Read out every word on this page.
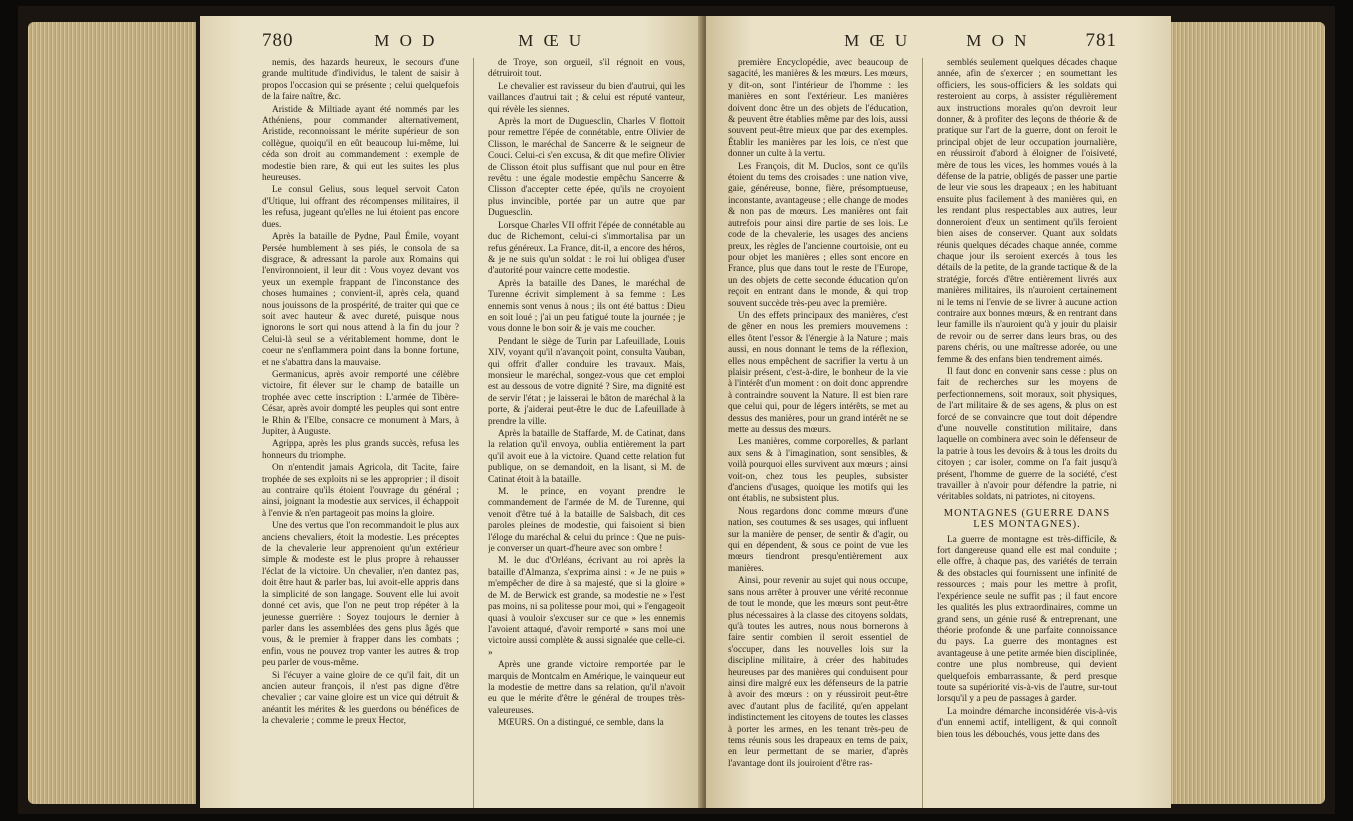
780	M O D	M Œ U

nemis, des hazards heureux, le secours d'une grande multitude d'individus, le talent de saisir à propos l'occasion qui se présente ; celui quelquefois de la faire naître, &c.

Aristide & Miltiade ayant été nommés par les Athéniens, pour commander alternativement, Aristide, reconnoissant le mérite supérieur de son collègue, quoiqu'il en eût beaucoup lui-même, lui céda son droit au commandement : exemple de modestie bien rare, & qui eut les suites les plus heureuses.

Le consul Gelius, sous lequel servoit Caton d'Utique, lui offrant des récompenses militaires, il les refusa, jugeant qu'elles ne lui étoient pas encore dues.

Après la bataille de Pydne, Paul Émile, voyant Persée humblement à ses piés, le consola de sa disgrace, & adressant la parole aux Romains qui l'environnoient, il leur dit : Vous voyez devant vos yeux un exemple frappant de l'inconstance des choses humaines ; convient-il, après cela, quand nous jouissons de la prospérité, de traiter qui que ce soit avec hauteur & avec dureté, puisque nous ignorons le sort qui nous attend à la fin du jour ? Celui-là seul se a véritablement homme, dont le coeur ne s'enflammera point dans la bonne fortune, et ne s'abattra dans la mauvaise.

Germanicus, après avoir remporté une célèbre victoire, fit élever sur le champ de bataille un trophée avec cette inscription : L'armée de Tibère-César, après avoir dompté les peuples qui sont entre le Rhin & l'Elbe, consacre ce monument à Mars, à Jupiter, à Auguste.

Agrippa, après les plus grands succès, refusa les honneurs du triomphe.

On n'entendit jamais Agricola, dit Tacite, faire trophée de ses exploits ni se les approprier ; il disoit au contraire qu'ils étoient l'ouvrage du général ; ainsi, joignant la modestie aux services, il échappoit à l'envie & n'en partageoit pas moins la gloire.

Une des vertus que l'on recommandoit le plus aux anciens chevaliers, étoit la modestie. Les préceptes de la chevalerie leur apprenoient qu'un extérieur simple & modeste est le plus propre à rehausser l'éclat de la victoire. Un chevalier, n'en dantez pas, doit être haut & parler bas, lui avoit-elle appris dans la simplicité de son langage. Souvent elle lui avoit donné cet avis, que l'on ne peut trop répéter à la jeunesse guerrière : Soyez toujours le dernier à parler dans les assemblées des gens plus âgés que vous, & le premier à frapper dans les combats ; enfin, vous ne pouvez trop vanter les autres & trop peu parler de vous-même.

Si l'écuyer a vaine gloire de ce qu'il fait, dit un ancien auteur françois, il n'est pas digne d'être chevalier ; car vaine gloire est un vice qui détruit & anéantit les mérites & les guerdons ou bénéfices de la chevalerie ; comme le preux Hector,

de Troye, son orgueil, s'il régnoit en vous, détruiroit tout.

Le chevalier est ravisseur du bien d'autrui, qui les vaillances d'autrui tait ; & celui est réputé vanteur, qui révèle les siennes.

Après la mort de Duguesclin, Charles V flottoit pour remettre l'épée de connétable, entre Olivier de Clisson, le maréchal de Sancerre & le seigneur de Couci. Celui-ci s'en excusa, & dit que mefire Olivier de Clisson étoit plus suffisant que nul pour en être revêtu : une égale modestie empêchu Sancerre & Clisson d'accepter cette épée, qu'ils ne croyoient plus invincible, portée par un autre que par Duguesclin.

Lorsque Charles VII offrit l'épée de connétable au duc de Richemont, celui-ci s'immortalisa par un refus généreux. La France, dit-il, a encore des héros, & je ne suis qu'un soldat : le roi lui obligea d'user d'autorité pour vaincre cette modestie.

Après la bataille des Danes, le maréchal de Turenne écrivit simplement à sa femme : Les ennemis sont venus à nous ; ils ont été battus : Dieu en soit loué ; j'ai un peu fatigué toute la journée ; je vous donne le bon soir & je vais me coucher.

Pendant le siège de Turin par Lafeuillade, Louis XIV, voyant qu'il n'avançoit point, consulta Vauban, qui offrit d'aller conduire les travaux. Mais, monsieur le maréchal, songez-vous que cet emploi est au dessous de votre dignité ? Sire, ma dignité est de servir l'état ; je laisserai le bâton de maréchal à la porte, & j'aiderai peut-être le duc de Lafeuillade à prendre la ville.

Après la bataille de Staffarde, M. de Catinat, dans la relation qu'il envoya, oublia entièrement la part qu'il avoit eue à la victoire. Quand cette relation fut publique, on se demandoit, en la lisant, si M. de Catinat étoit à la bataille.

M. le prince, en voyant prendre le commandement de l'armée de M. de Turenne, qui venoit d'être tué à la bataille de Salsbach, dit ces paroles pleines de modestie, qui faisoient si bien l'éloge du maréchal & celui du prince : Que ne puis-je converser un quart-d'heure avec son ombre !

M. le duc d'Orléans, écrivant au roi après la bataille d'Almanza, s'exprima ainsi : « Je ne puis » m'empêcher de dire à sa majesté, que si la gloire » de M. de Berwick est grande, sa modestie ne » l'est pas moins, ni sa politesse pour moi, qui » l'engageoit quasi à vouloir s'excuser sur ce que » les ennemis l'avoient attaqué, d'avoir remporté » sans moi une victoire aussi complète & aussi signalée que celle-ci. »

Après une grande victoire remportée par le marquis de Montcalm en Amérique, le vainqueur eut la modestie de mettre dans sa relation, qu'il n'avoit eu que le mérite d'être le général de troupes très-valeureuses.

MŒURS. On a distingué, ce semble, dans la

M Œ U	M O N	781

première Encyclopédie, avec beaucoup de sagacité, les manières & les mœurs. Les mœurs, y dit-on, sont l'intérieur de l'homme : les manières en sont l'extérieur. Les manières doivent donc être un des objets de l'éducation, & peuvent être établies même par des lois, aussi souvent peut-être mieux que par des exemples. Établir les manières par les lois, ce n'est que donner un culte à la vertu.

Les François, dit M. Duclos, sont ce qu'ils étoient du tems des croisades : une nation vive, gaie, généreuse, bonne, fière, présomptueuse, inconstante, avantageuse ; elle change de modes & non pas de mœurs. Les manières ont fait autrefois pour ainsi dire partie de ses lois. Le code de la chevalerie, les usages des anciens preux, les règles de l'ancienne courtoisie, ont eu pour objet les manières ; elles sont encore en France, plus que dans tout le reste de l'Europe, un des objets de cette seconde éducation qu'on reçoit en entrant dans le monde, & qui trop souvent succède très-peu avec la première.

Un des effets principaux des manières, c'est de gêner en nous les premiers mouvemens : elles ôtent l'essor & l'énergie à la Nature ; mais aussi, en nous donnant le tems de la réflexion, elles nous empêchent de sacrifier la vertu à un plaisir présent, c'est-à-dire, le bonheur de la vie à l'intérêt d'un moment : on doit donc apprendre à contraindre souvent la Nature. Il est bien rare que celui qui, pour de légers intérêts, se met au dessus des manières, pour un grand intérêt ne se mette au dessus des mœurs.

Les manières, comme corporelles, & parlant aux sens & à l'imagination, sont sensibles, & voilà pourquoi elles survivent aux mœurs ; ainsi voit-on, chez tous les peuples, subsister d'anciens d'usages, quoique les motifs qui les ont établis, ne subsistent plus.

Nous regardons donc comme mœurs d'une nation, ses coutumes & ses usages, qui influent sur la manière de penser, de sentir & d'agir, ou qui en dépendent, & sous ce point de vue les mœurs tiendront presqu'entièrement aux manières.

Ainsi, pour revenir au sujet qui nous occupe, sans nous arrêter à prouver une vérité reconnue de tout le monde, que les mœurs sont peut-être plus nécessaires à la classe des citoyens soldats, qu'à toutes les autres, nous nous bornerons à faire sentir combien il seroit essentiel de s'occuper, dans les nouvelles lois sur la discipline militaire, à créer des habitudes heureuses par des manières qui conduisent pour ainsi dire malgré eux les défenseurs de la patrie à avoir des mœurs : on y réussiroit peut-être avec d'autant plus de facilité, qu'en appelant indistinctement les citoyens de toutes les classes à porter les armes, en les tenant très-peu de tems réunis sous les drapeaux en tems de paix, en leur permettant de se marier, d'après l'avantage dont ils jouiroient d'être ras-

semblés seulement quelques décades chaque année, afin de s'exercer ; en soumettant les officiers, les sous-officiers & les soldats qui resteroient au corps, à assister régulièrement aux instructions morales qu'on devroit leur donner, & à profiter des leçons de théorie & de pratique sur l'art de la guerre, dont on feroit le principal objet de leur occupation journalière, en réussiroit d'abord à éloigner de l'oisiveté, mère de tous les vices, les hommes voués à la défense de la patrie, obligés de passer une partie de leur vie sous les drapeaux ; en les habituant ensuite plus facilement à des manières qui, en les rendant plus respectables aux autres, leur donneroient d'eux un sentiment qu'ils feroient bien aises de conserver. Quant aux soldats réunis quelques décades chaque année, comme chaque jour ils seroient exercés à tous les détails de la petite, de la grande tactique & de la stratégie, forcés d'être entièrement livrés aux manières militaires, ils n'auroient certainement ni le tems ni l'envie de se livrer à aucune action contraire aux bonnes mœurs, & en rentrant dans leur famille ils n'auroient qu'à y jouir du plaisir de revoir ou de serrer dans leurs bras, ou des parens chéris, ou une maîtresse adorée, ou une femme & des enfans bien tendrement aimés.

Il faut donc en convenir sans cesse : plus on fait de recherches sur les moyens de perfectionnemens, soit moraux, soit physiques, de l'art militaire & de ses agens, & plus on est forcé de se convaincre que tout doit dépendre d'une nouvelle constitution militaire, dans laquelle on combinera avec soin le défenseur de la patrie à tous les devoirs & à tous les droits du citoyen ; car isoler, comme on l'a fait jusqu'à présent, l'homme de guerre de la société, c'est travailler à n'avoir pour défendre la patrie, ni véritables soldats, ni patriotes, ni citoyens.

MONTAGNES (GUERRE DANS LES MONTAGNES).

La guerre de montagne est très-difficile, & fort dangereuse quand elle est mal conduite ; elle offre, à chaque pas, des variétés de terrain & des obstacles qui fournissent une infinité de ressources ; mais pour les mettre à profit, l'expérience seule ne suffit pas ; il faut encore les qualités les plus extraordinaires, comme un grand sens, un génie rusé & entreprenant, une théorie profonde & une parfaite connoissance du pays. La guerre des montagnes est avantageuse à une petite armée bien disciplinée, contre une plus nombreuse, qui devient quelquefois embarrassante, & perd presque toute sa supériorité vis-à-vis de l'autre, sur-tout lorsqu'il y a peu de passages à garder.

La moindre démarche inconsidérée vis-à-vis d'un ennemi actif, intelligent, & qui connoît bien tous les débouchés, vous jette dans des
